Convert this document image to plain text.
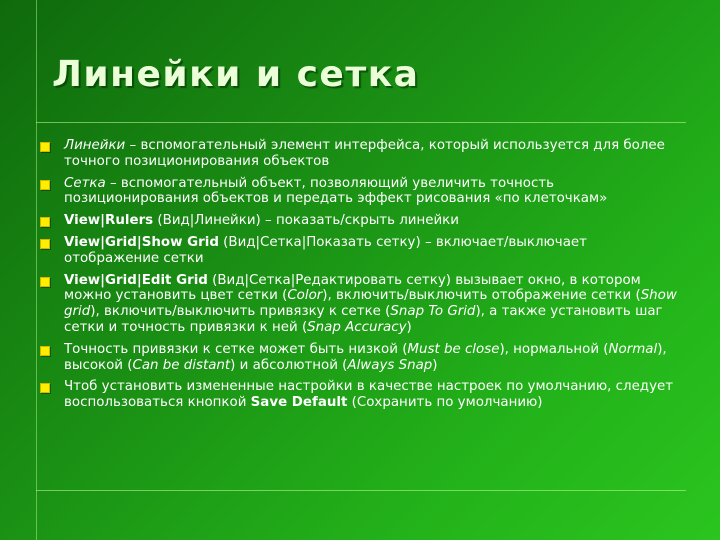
Линейки и сетка
Линейки – вспомогательный элемент интерфейса, который используется для более точного позиционирования объектов
Сетка – вспомогательный объект, позволяющий увеличить точность позиционирования объектов и передать эффект рисования «по клеточкам»
View|Rulers (Вид|Линейки) – показать/скрыть линейки
View|Grid|Show Grid (Вид|Сетка|Показать сетку) – включает/выключает отображение сетки
View|Grid|Edit Grid (Вид|Сетка|Редактировать сетку) вызывает окно, в котором можно установить цвет сетки (Color), включить/выключить отображение сетки (Show grid), включить/выключить привязку к сетке (Snap To Grid), а также установить шаг сетки и точность привязки к ней (Snap Accuracy)
Точность привязки к сетке может быть низкой (Must be close), нормальной (Normal), высокой (Can be distant) и абсолютной (Always Snap)
Чтоб установить измененные настройки в качестве настроек по умолчанию, следует воспользоваться кнопкой Save Default (Сохранить по умолчанию)
